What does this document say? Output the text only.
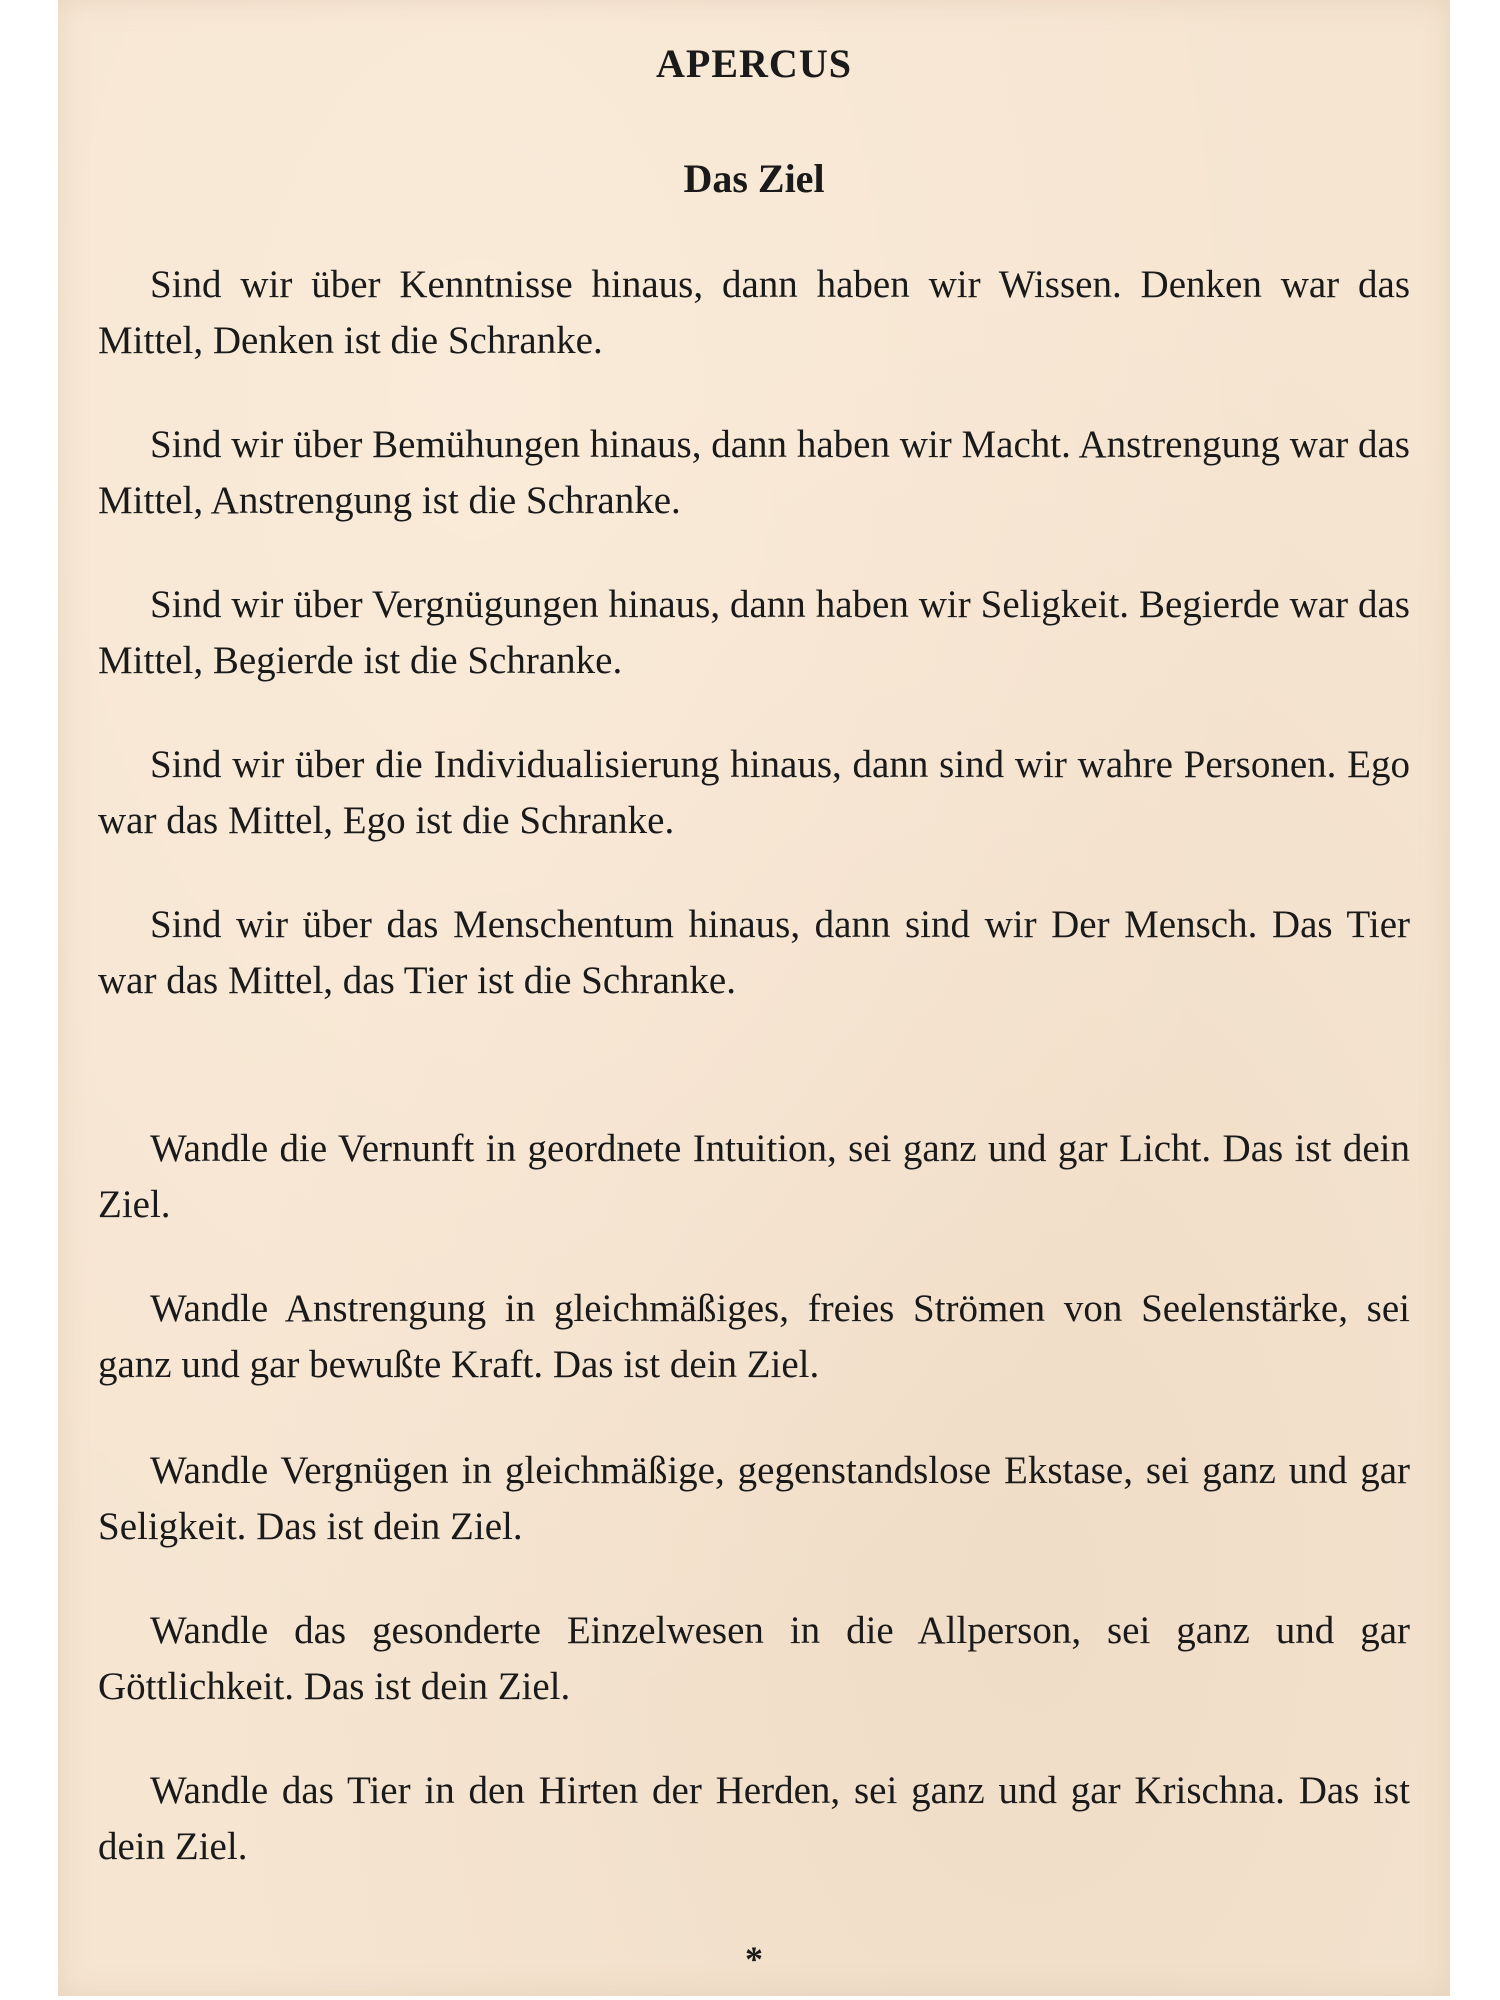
APERCUS
Das Ziel

Sind wir über Kenntnisse hinaus, dann haben wir Wissen. Denken war das Mittel, Denken ist die Schranke.

Sind wir über Bemühungen hinaus, dann haben wir Macht. Anstrengung war das Mittel, Anstrengung ist die Schranke.

Sind wir über Vergnügungen hinaus, dann haben wir Seligkeit. Begierde war das Mittel, Begierde ist die Schranke.

Sind wir über die Individualisierung hinaus, dann sind wir wahre Personen. Ego war das Mittel, Ego ist die Schranke.

Sind wir über das Menschentum hinaus, dann sind wir Der Mensch. Das Tier war das Mittel, das Tier ist die Schranke.

Wandle die Vernunft in geordnete Intuition, sei ganz und gar Licht. Das ist dein Ziel.

Wandle Anstrengung in gleichmäßiges, freies Strömen von Seelenstärke, sei ganz und gar bewußte Kraft. Das ist dein Ziel.

Wandle Vergnügen in gleichmäßige, gegenstandslose Ekstase, sei ganz und gar Seligkeit. Das ist dein Ziel.

Wandle das gesonderte Einzelwesen in die Allperson, sei ganz und gar Göttlichkeit. Das ist dein Ziel.

Wandle das Tier in den Hirten der Herden, sei ganz und gar Krischna. Das ist dein Ziel.

*
